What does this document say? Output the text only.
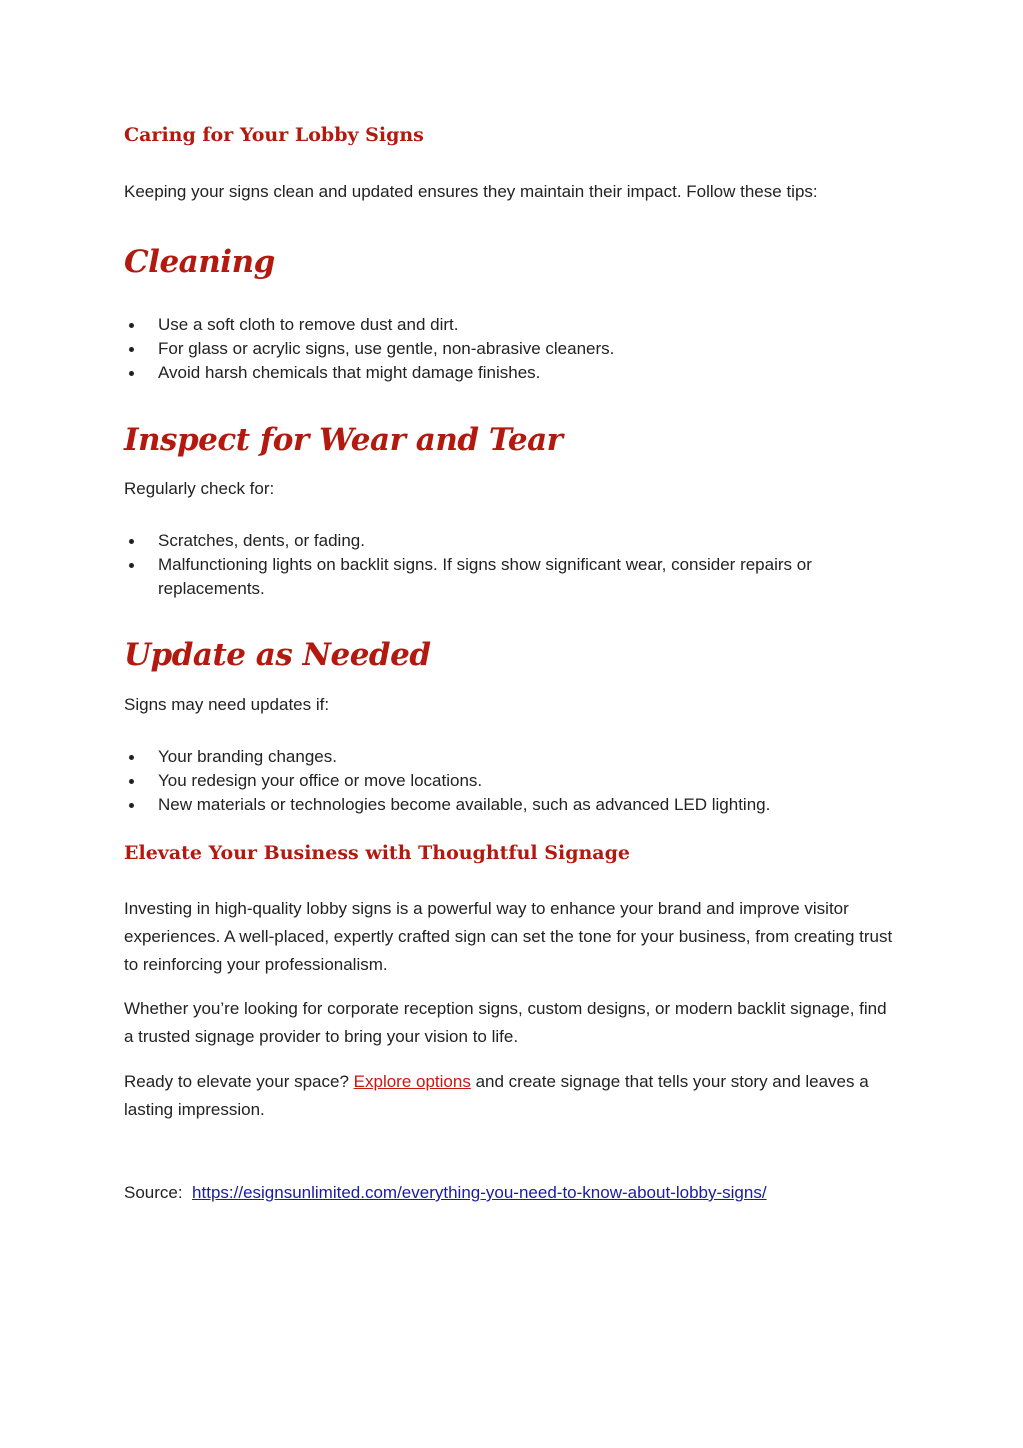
Caring for Your Lobby Signs

Keeping your signs clean and updated ensures they maintain their impact. Follow these tips:

Cleaning
Use a soft cloth to remove dust and dirt.
For glass or acrylic signs, use gentle, non-abrasive cleaners.
Avoid harsh chemicals that might damage finishes.
Inspect for Wear and Tear

Regularly check for:

Scratches, dents, or fading.
Malfunctioning lights on backlit signs. If signs show significant wear, consider repairs or replacements.
Update as Needed

Signs may need updates if:

Your branding changes.
You redesign your office or move locations.
New materials or technologies become available, such as advanced LED lighting.
Elevate Your Business with Thoughtful Signage

Investing in high-quality lobby signs is a powerful way to enhance your brand and improve visitor experiences. A well-placed, expertly crafted sign can set the tone for your business, from creating trust to reinforcing your professionalism.

Whether you’re looking for corporate reception signs, custom designs, or modern backlit signage, find a trusted signage provider to bring your vision to life.

Ready to elevate your space? Explore options and create signage that tells your story and leaves a lasting impression.

Source: https://esignsunlimited.com/everything-you-need-to-know-about-lobby-signs/
